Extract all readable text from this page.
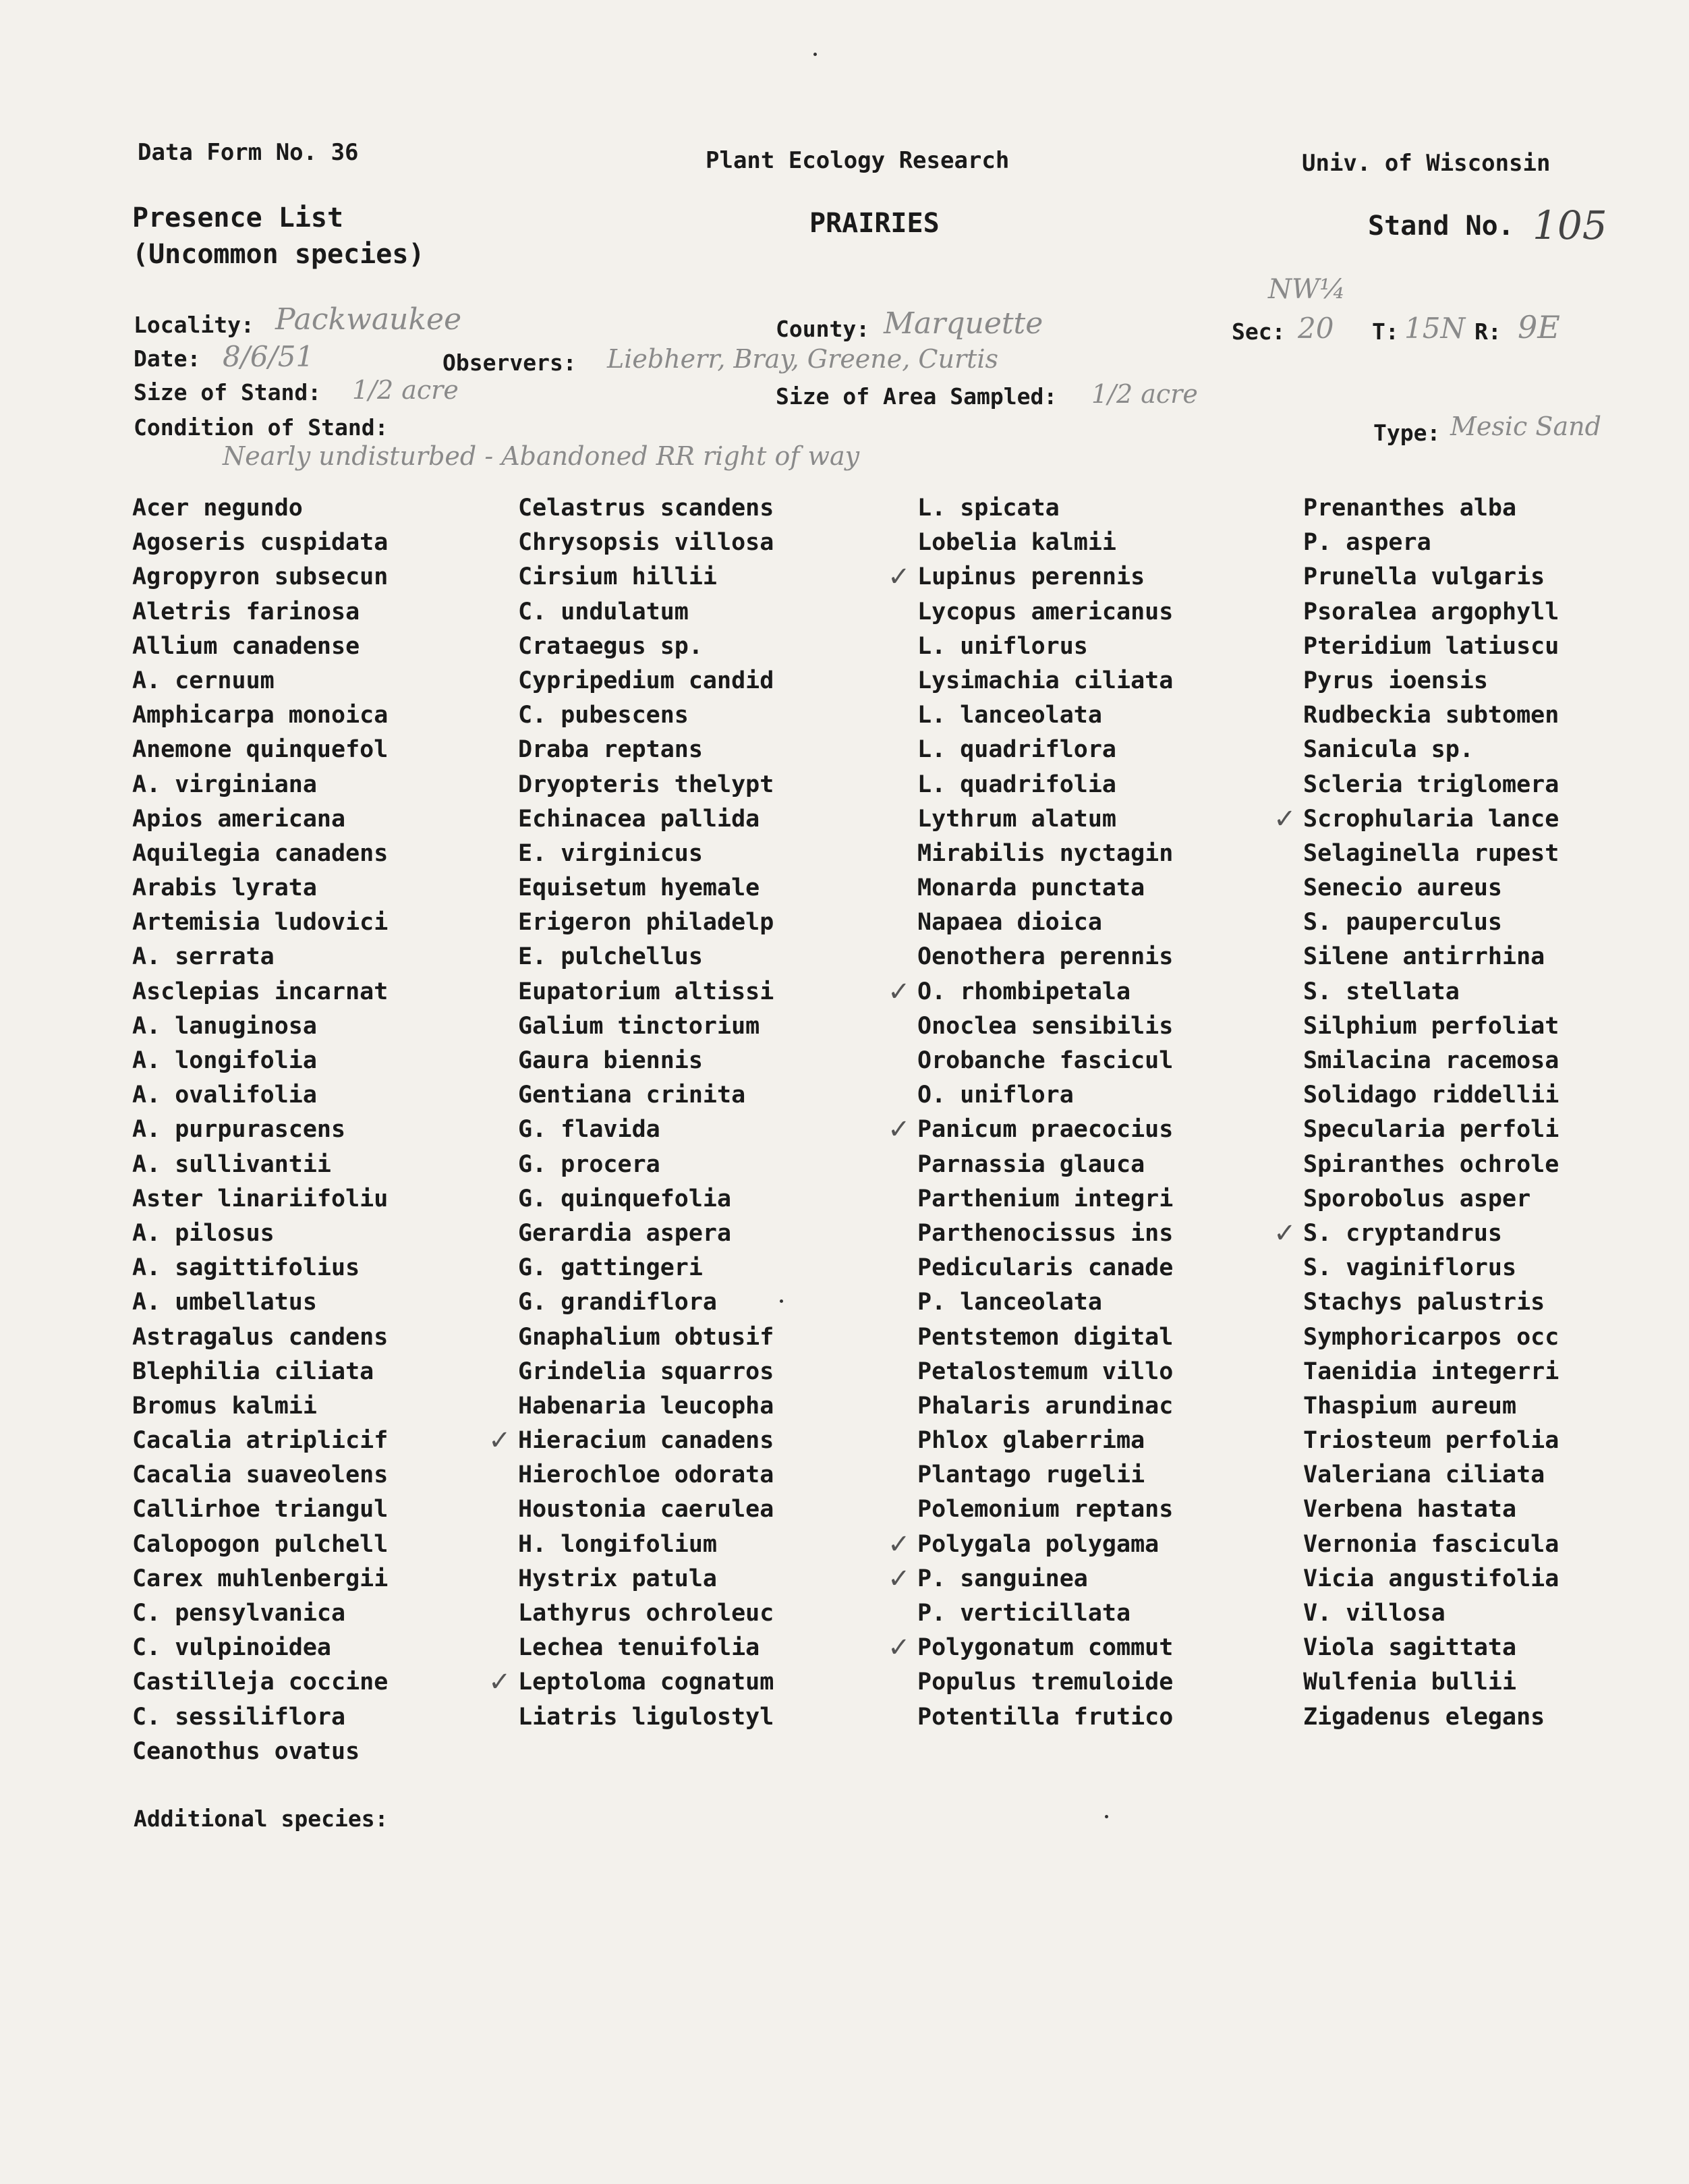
Data Form No. 36	Plant Ecology Research	Univ. of Wisconsin
Presence List
(Uncommon species)
PRAIRIES	Stand No. 105
Locality: Packwaukee	County: Marquette
NW¼
Sec: 20 T: 15N R: 9E
Date: 8/6/51	Observers: Liebherr, Bray, Greene, Curtis
Size of Stand: 1/2 acre	Size of Area Sampled: 1/2 acre
Condition of Stand:
Nearly undisturbed - Abandoned RR right of way
Type: Mesic Sand
Acer negundo
Agoseris cuspidata
Agropyron subsecun
Aletris farinosa
Allium canadense
A. cernuum
Amphicarpa monoica
Anemone quinquefol
A. virginiana
Apios americana
Aquilegia canadens
Arabis lyrata
Artemisia ludovici
A. serrata
Asclepias incarnat
A. lanuginosa
A. longifolia
A. ovalifolia
A. purpurascens
A. sullivantii
Aster linariifoliu
A. pilosus
A. sagittifolius
A. umbellatus
Astragalus candens
Blephilia ciliata
Bromus kalmii
Cacalia atriplicif
Cacalia suaveolens
Callirhoe triangul
Calopogon pulchell
Carex muhlenbergii
C. pensylvanica
C. vulpinoidea
Castilleja coccine
C. sessiliflora
Ceanothus ovatus
Celastrus scandens
Chrysopsis villosa
Cirsium hillii
C. undulatum
Crataegus sp.
Cypripedium candid
C. pubescens
Draba reptans
Dryopteris thelypt
Echinacea pallida
E. virginicus
Equisetum hyemale
Erigeron philadelp
E. pulchellus
Eupatorium altissi
Galium tinctorium
Gaura biennis
Gentiana crinita
G. flavida
G. procera
G. quinquefolia
Gerardia aspera
G. gattingeri
G. grandiflora
Gnaphalium obtusif
Grindelia squarros
Habenaria leucopha
✓ Hieracium canadens
Hierochloe odorata
Houstonia caerulea
H. longifolium
Hystrix patula
Lathyrus ochroleuc
Lechea tenuifolia
✓ Leptoloma cognatum
Liatris ligulostyl
L. spicata
Lobelia kalmii
✓ Lupinus perennis
Lycopus americanus
L. uniflorus
Lysimachia ciliata
L. lanceolata
L. quadriflora
L. quadrifolia
Lythrum alatum
Mirabilis nyctagin
Monarda punctata
Napaea dioica
Oenothera perennis
✓ O. rhombipetala
Onoclea sensibilis
Orobanche fascicul
O. uniflora
✓ Panicum praecocius
Parnassia glauca
Parthenium integri
Parthenocissus ins
Pedicularis canade
P. lanceolata
Pentstemon digital
Petalostemum villo
Phalaris arundinac
Phlox glaberrima
Plantago rugelii
Polemonium reptans
✓ Polygala polygama
✓ P. sanguinea
P. verticillata
✓ Polygonatum commut
Populus tremuloide
Potentilla frutico
Prenanthes alba
P. aspera
Prunella vulgaris
Psoralea argophyll
Pteridium latiuscu
Pyrus ioensis
Rudbeckia subtomen
Sanicula sp.
Scleria triglomera
✓ Scrophularia lance
Selaginella rupest
Senecio aureus
S. pauperculus
Silene antirrhina
S. stellata
Silphium perfoliat
Smilacina racemosa
Solidago riddellii
Specularia perfoli
Spiranthes ochrole
Sporobolus asper
✓ S. cryptandrus
S. vaginiflorus
Stachys palustris
Symphoricarpos occ
Taenidia integerri
Thaspium aureum
Triosteum perfolia
Valeriana ciliata
Verbena hastata
Vernonia fascicula
Vicia angustifolia
V. villosa
Viola sagittata
Wulfenia bullii
Zigadenus elegans
Additional species:
